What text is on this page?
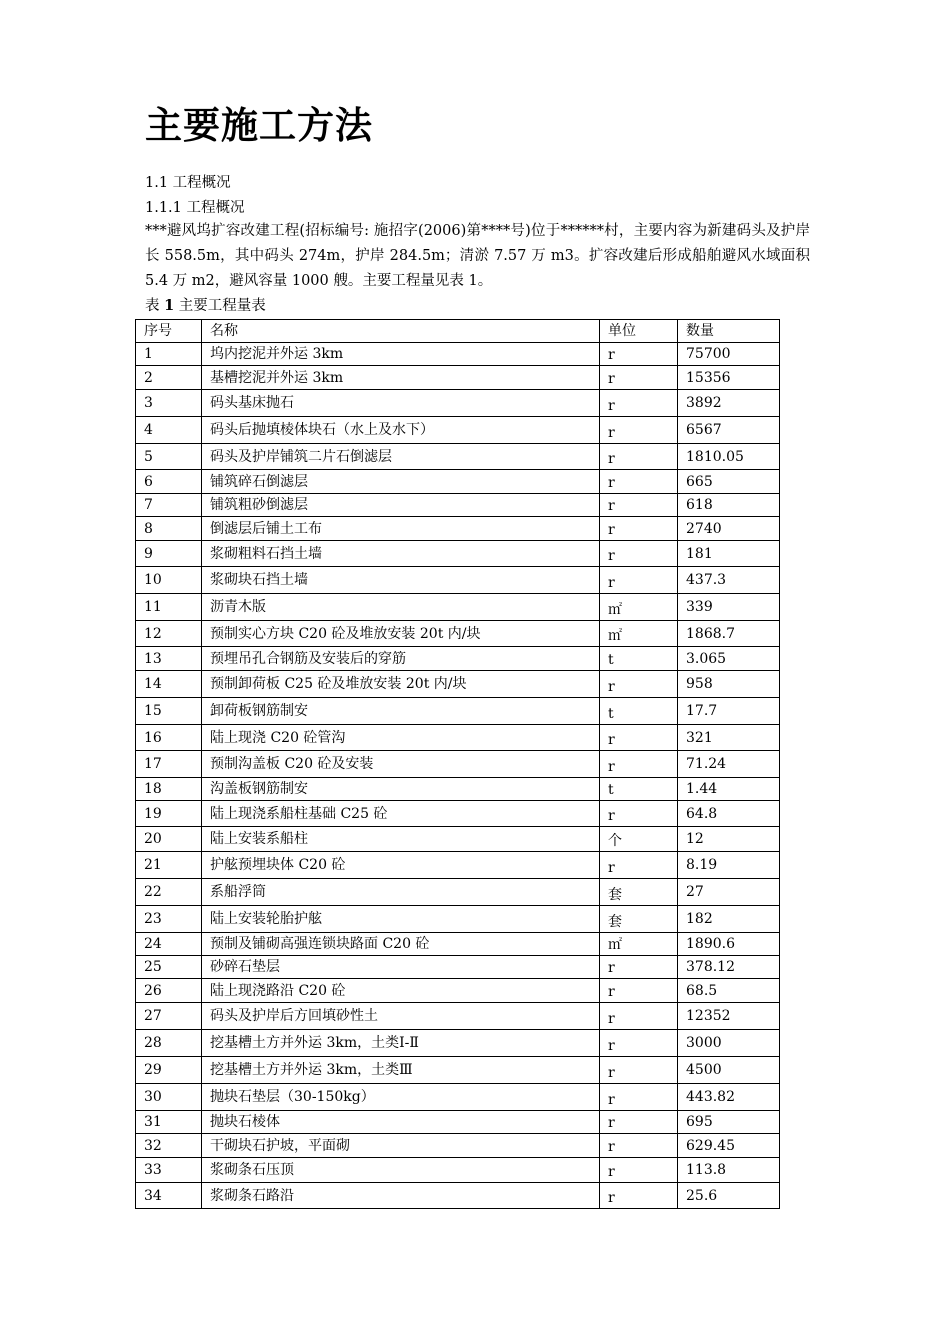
主要施工方法
1.1 工程概况
1.1.1 工程概况
***避风坞扩容改建工程(招标编号: 施招字(2006)第****号)位于******村，主要内容为新建码头及护岸长 558.5m，其中码头 274m，护岸 284.5m；清淤 7.57 万 m3。扩容改建后形成船舶避风水域面积 5.4 万 m2，避风容量 1000 艘。主要工程量见表 1。
表 1 主要工程量表
序号	名称	单位	数量
1	坞内挖泥并外运 3km	r	75700
2	基槽挖泥并外运 3km	r	15356
3	码头基床抛石	r	3892
4	码头后抛填棱体块石（水上及水下）	r	6567
5	码头及护岸铺筑二片石倒滤层	r	1810.05
6	铺筑碎石倒滤层	r	665
7	铺筑粗砂倒滤层	r	618
8	倒滤层后铺土工布	r	2740
9	浆砌粗料石挡土墙	r	181
10	浆砌块石挡土墙	r	437.3
11	沥青木版	㎡	339
12	预制实心方块 C20 砼及堆放安装 20t 内/块	㎡	1868.7
13	预埋吊孔合钢筋及安装后的穿筋	t	3.065
14	预制卸荷板 C25 砼及堆放安装 20t 内/块	r	958
15	卸荷板钢筋制安	t	17.7
16	陆上现浇 C20 砼管沟	r	321
17	预制沟盖板 C20 砼及安装	r	71.24
18	沟盖板钢筋制安	t	1.44
19	陆上现浇系船柱基础 C25 砼	r	64.8
20	陆上安装系船柱	个	12
21	护舷预埋块体 C20 砼	r	8.19
22	系船浮筒	套	27
23	陆上安装轮胎护舷	套	182
24	预制及铺砌高强连锁块路面 C20 砼	㎡	1890.6
25	砂碎石垫层	r	378.12
26	陆上现浇路沿 C20 砼	r	68.5
27	码头及护岸后方回填砂性土	r	12352
28	挖基槽土方并外运 3km，土类Ⅰ-Ⅱ	r	3000
29	挖基槽土方并外运 3km，土类Ⅲ	r	4500
30	抛块石垫层（30-150kg）	r	443.82
31	抛块石棱体	r	695
32	干砌块石护坡，平面砌	r	629.45
33	浆砌条石压顶	r	113.8
34	浆砌条石路沿	r	25.6
